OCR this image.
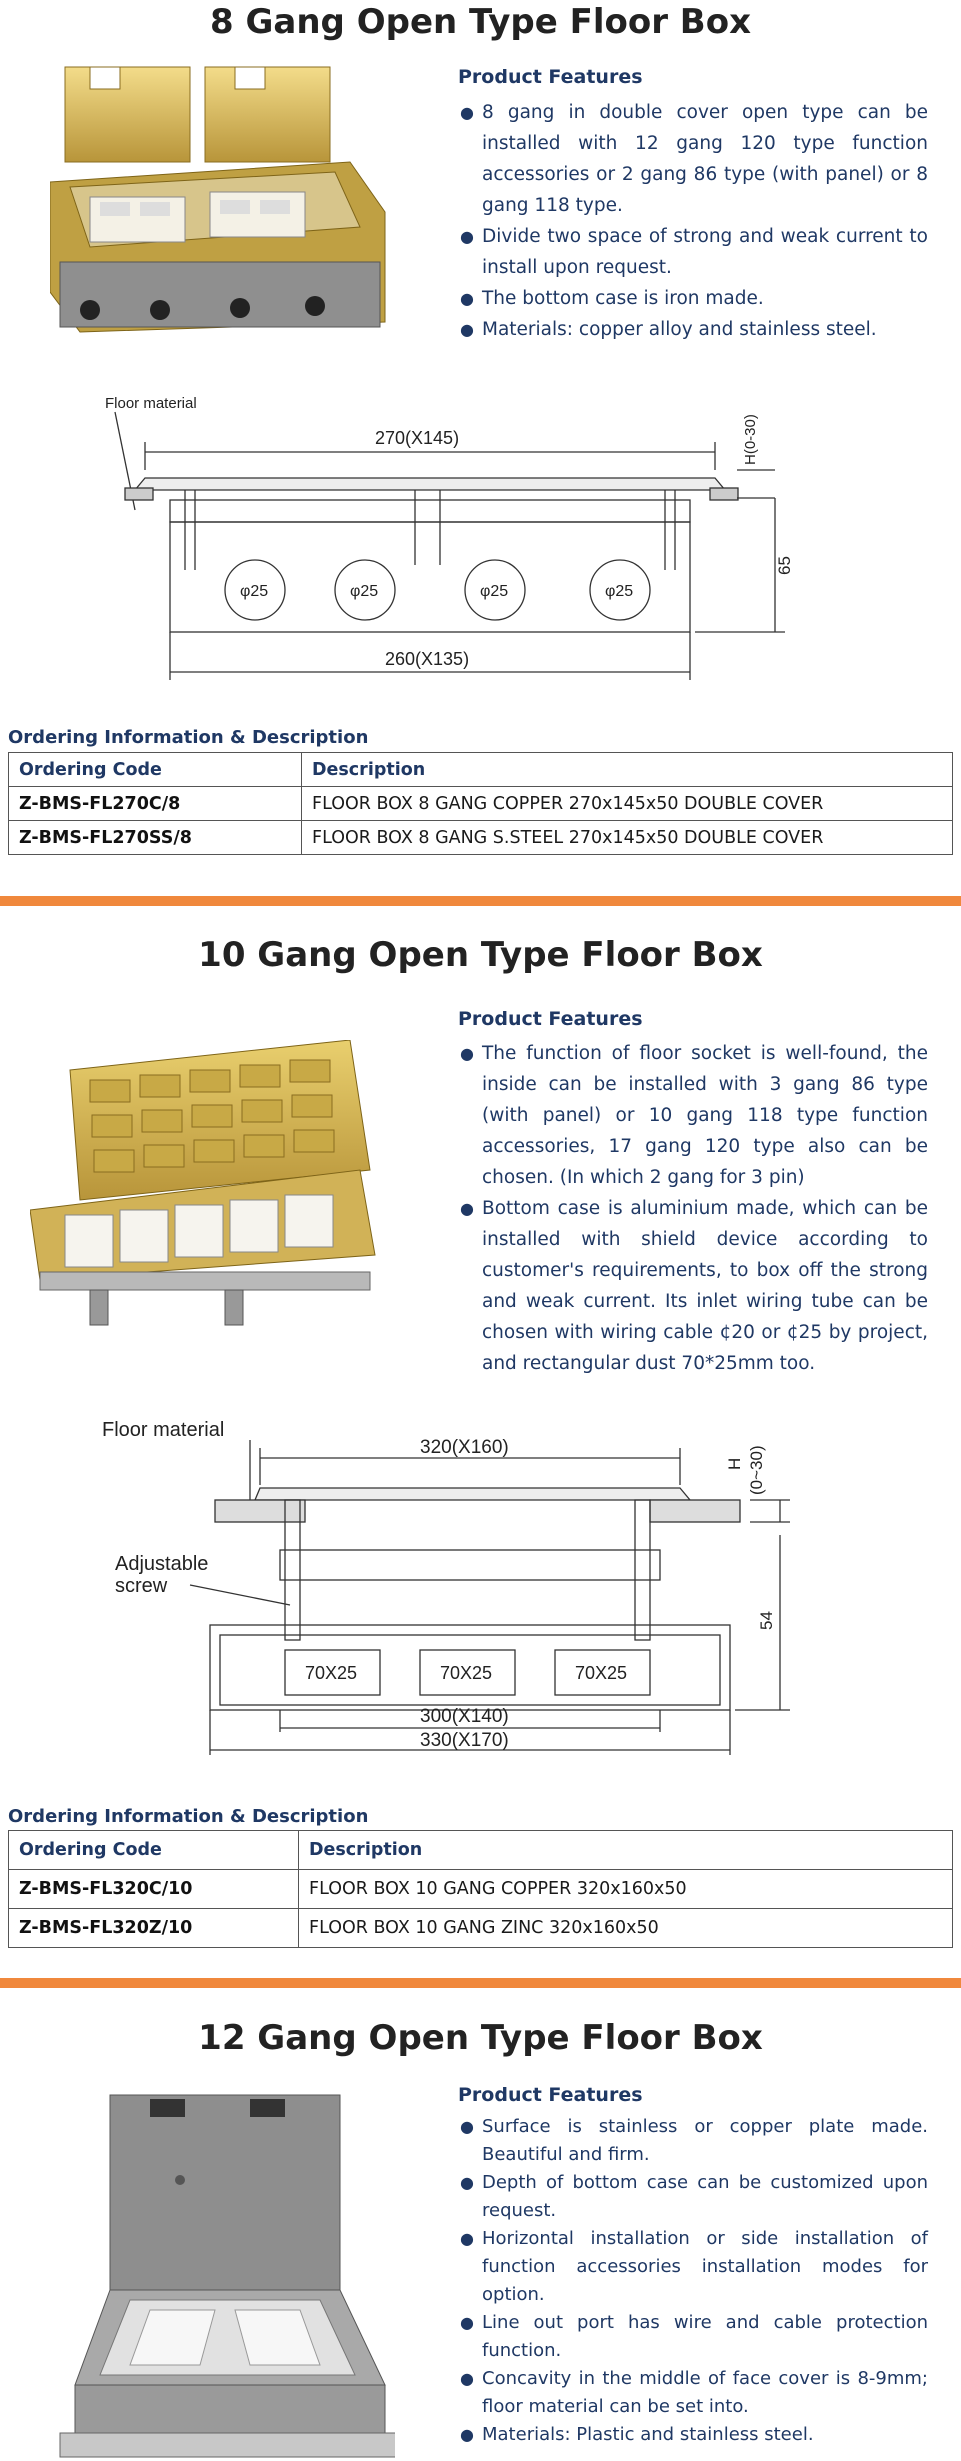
8 Gang Open Type Floor Box
Product Features
● 8 gang in double cover open type can be installed with 12 gang 120 type function accessories or 2 gang 86 type (with panel) or 8 gang 118 type.
● Divide two space of strong and weak current to install upon request.
● The bottom case is iron made.
● Materials: copper alloy and stainless steel.
Floor material
270(X145)	H(0-30)
φ25	φ25	φ25	φ25
65
260(X135)
Ordering Information & Description
Ordering Code	Description
Z-BMS-FL270C/8	FLOOR BOX 8 GANG COPPER 270x145x50 DOUBLE COVER
Z-BMS-FL270SS/8	FLOOR BOX 8 GANG S.STEEL 270x145x50 DOUBLE COVER
10 Gang Open Type Floor Box
Product Features
● The function of floor socket is well-found, the inside can be installed with 3 gang 86 type (with panel) or 10 gang 118 type function accessories, 17 gang 120 type also can be chosen. (In which 2 gang for 3 pin)
● Bottom case is aluminium made, which can be installed with shield device according to customer's requirements, to box off the strong and weak current. Its inlet wiring tube can be chosen with wiring cable ¢20 or ¢25 by project, and rectangular dust 70*25mm too.
Floor material
320(X160)
H (0~30)
Adjustable
screw
70X25	70X25	70X25
54
300(X140)
330(X170)
Ordering Information & Description
Ordering Code	Description
Z-BMS-FL320C/10	FLOOR BOX 10 GANG COPPER 320x160x50
Z-BMS-FL320Z/10	FLOOR BOX 10 GANG ZINC 320x160x50
12 Gang Open Type Floor Box
Product Features
● Surface is stainless or copper plate made. Beautiful and firm.
● Depth of bottom case can be customized upon request.
● Horizontal installation or side installation of function accessories installation modes for option.
● Line out port has wire and cable protection function.
● Concavity in the middle of face cover is 8-9mm; floor material can be set into.
● Materials: Plastic and stainless steel.
